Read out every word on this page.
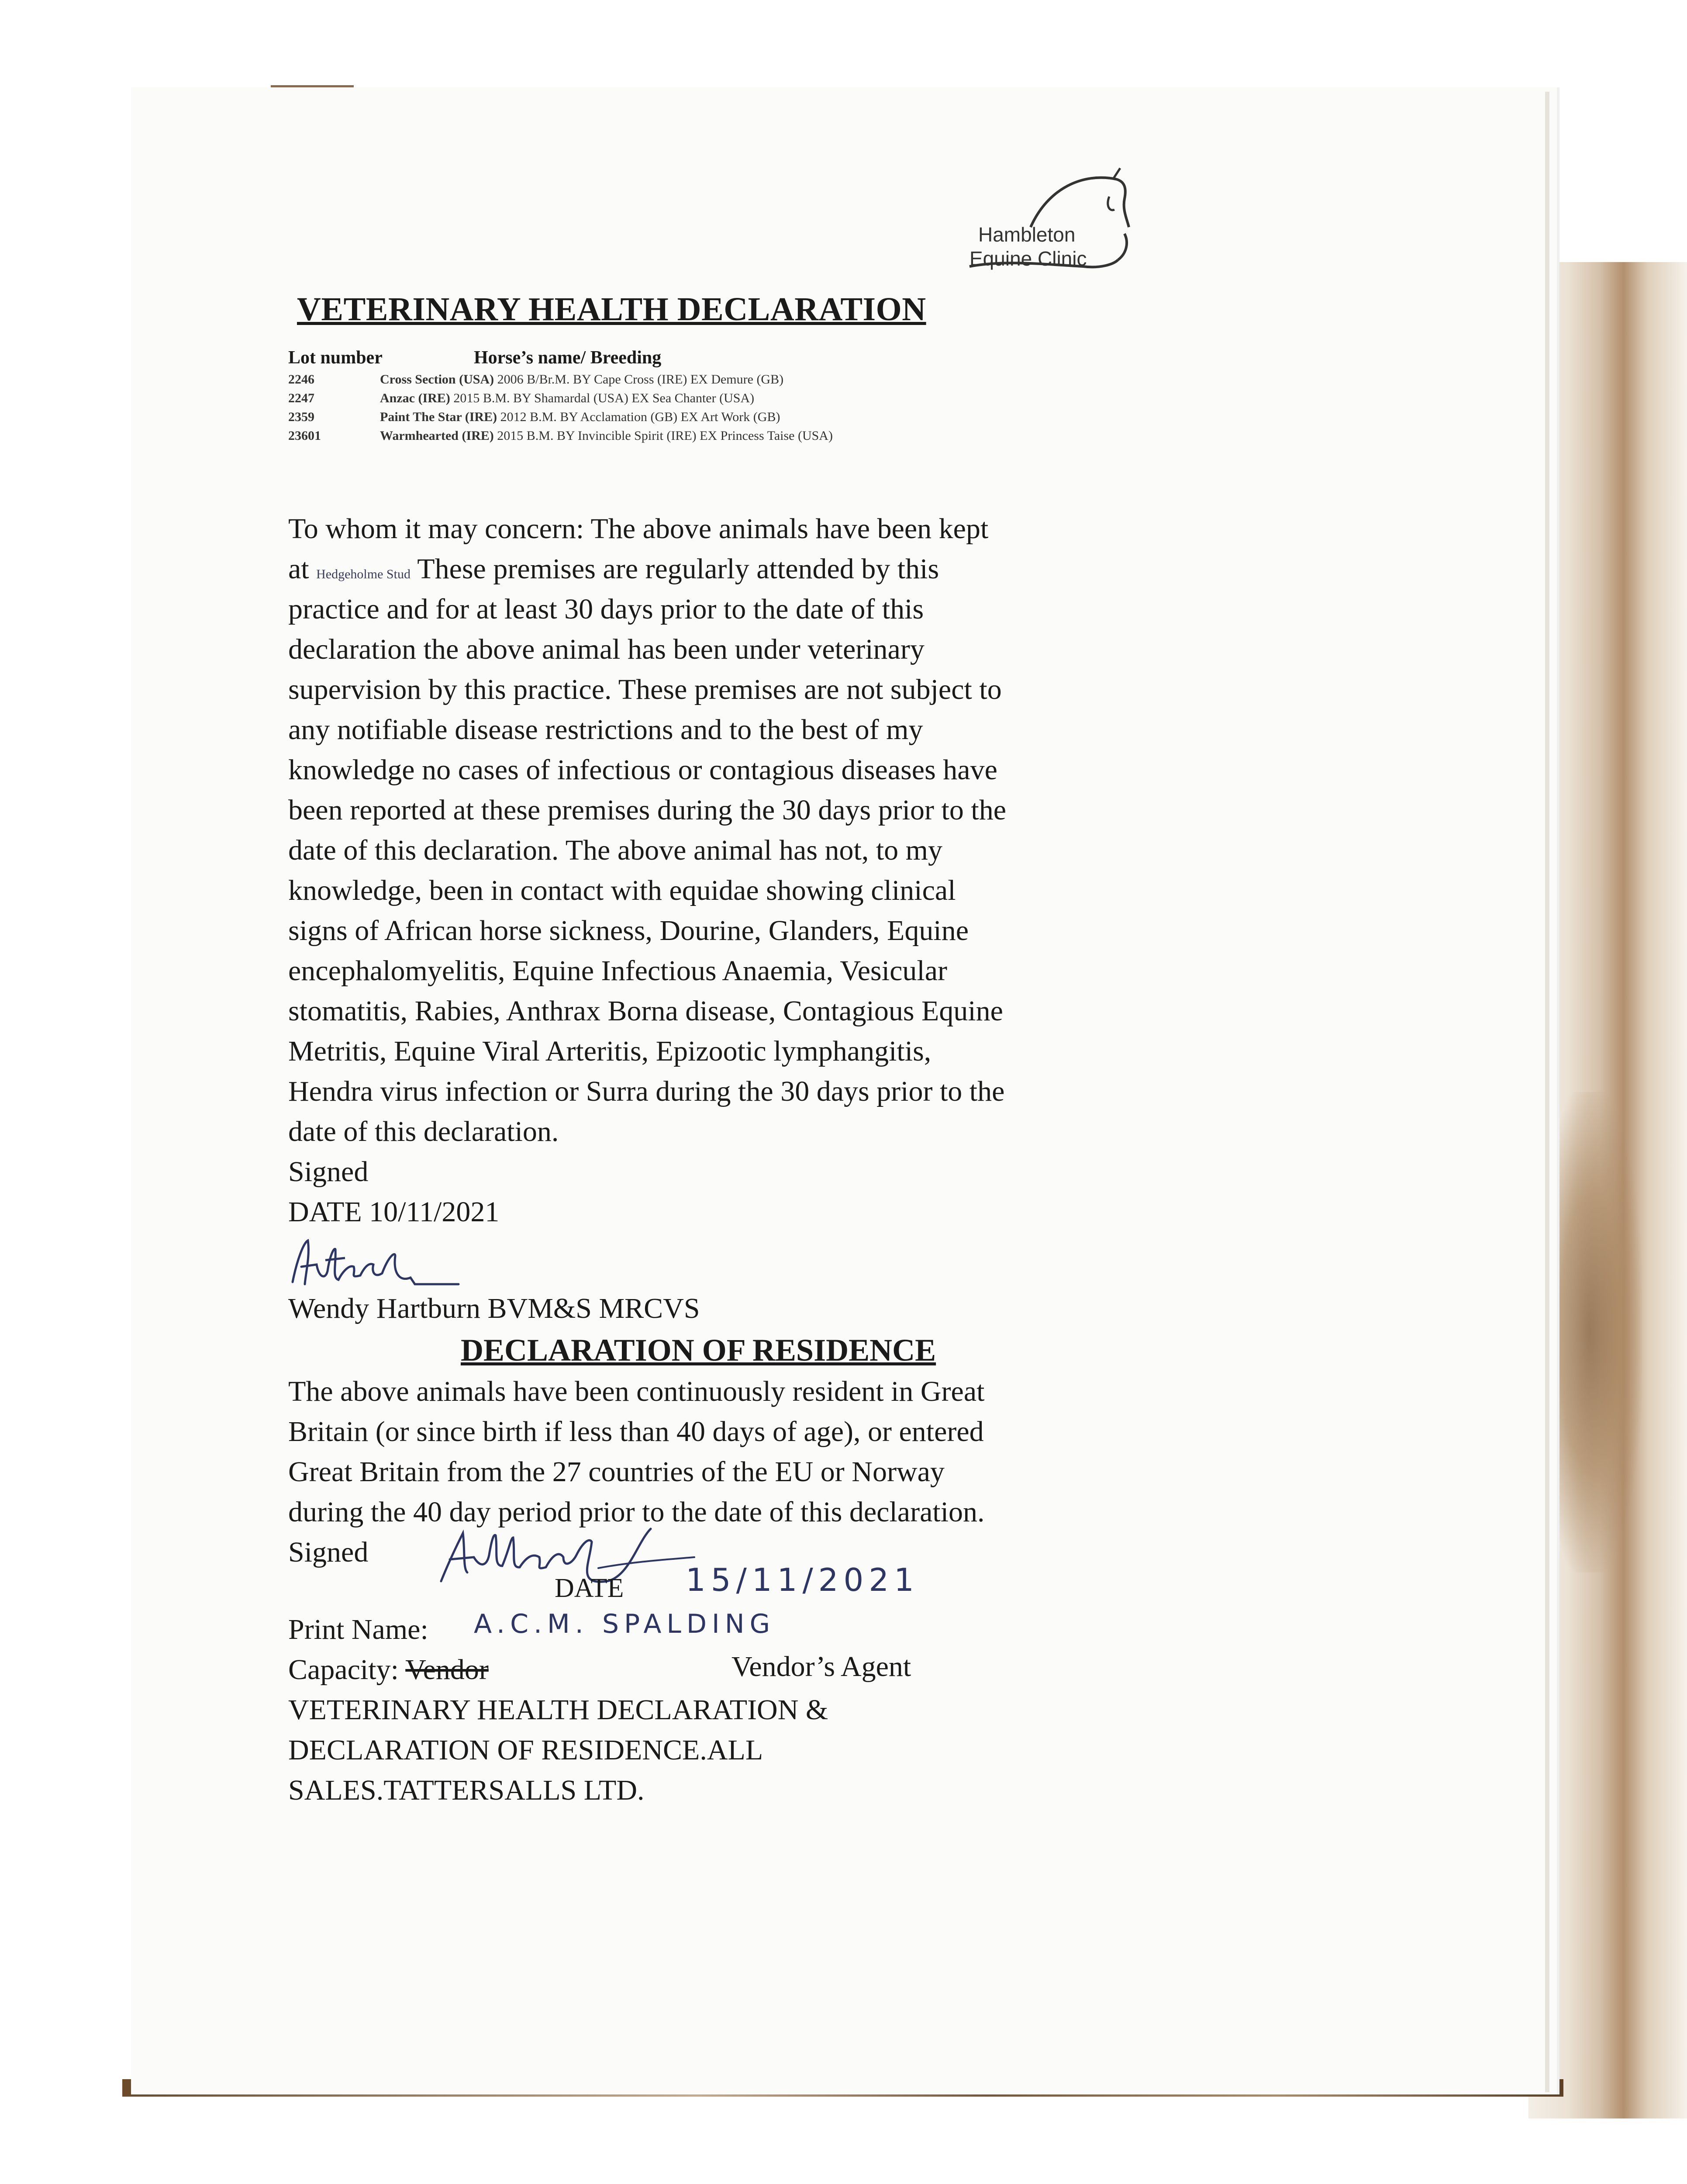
Hambleton
Equine Clinic
VETERINARY HEALTH DECLARATION
Lot number	Horse’s name/ Breeding
2246	Cross Section (USA) 2006 B/Br.M. BY Cape Cross (IRE) EX Demure (GB)
2247	Anzac (IRE) 2015 B.M. BY Shamardal (USA) EX Sea Chanter (USA)
2359	Paint The Star (IRE) 2012 B.M. BY Acclamation (GB) EX Art Work (GB)
23601	Warmhearted (IRE) 2015 B.M. BY Invincible Spirit (IRE) EX Princess Taise (USA)
To whom it may concern: The above animals have been kept
at Hedgeholme Stud These premises are regularly attended by this
practice and for at least 30 days prior to the date of this
declaration the above animal has been under veterinary
supervision by this practice. These premises are not subject to
any notifiable disease restrictions and to the best of my
knowledge no cases of infectious or contagious diseases have
been reported at these premises during the 30 days prior to the
date of this declaration. The above animal has not, to my
knowledge, been in contact with equidae showing clinical
signs of African horse sickness, Dourine, Glanders, Equine
encephalomyelitis, Equine Infectious Anaemia, Vesicular
stomatitis, Rabies, Anthrax Borna disease, Contagious Equine
Metritis, Equine Viral Arteritis, Epizootic lymphangitis,
Hendra virus infection or Surra during the 30 days prior to the
date of this declaration.
Signed
DATE 10/11/2021
Wendy Hartburn BVM&S MRCVS
DECLARATION OF RESIDENCE
The above animals have been continuously resident in Great
Britain (or since birth if less than 40 days of age), or entered
Great Britain from the 27 countries of the EU or Norway
during the 40 day period prior to the date of this declaration.
Signed
DATE 15/11/2021
Print Name: A.C.M. SPALDING
Capacity: Vendor	Vendor’s Agent
VETERINARY HEALTH DECLARATION &
DECLARATION OF RESIDENCE.ALL
SALES.TATTERSALLS LTD.
